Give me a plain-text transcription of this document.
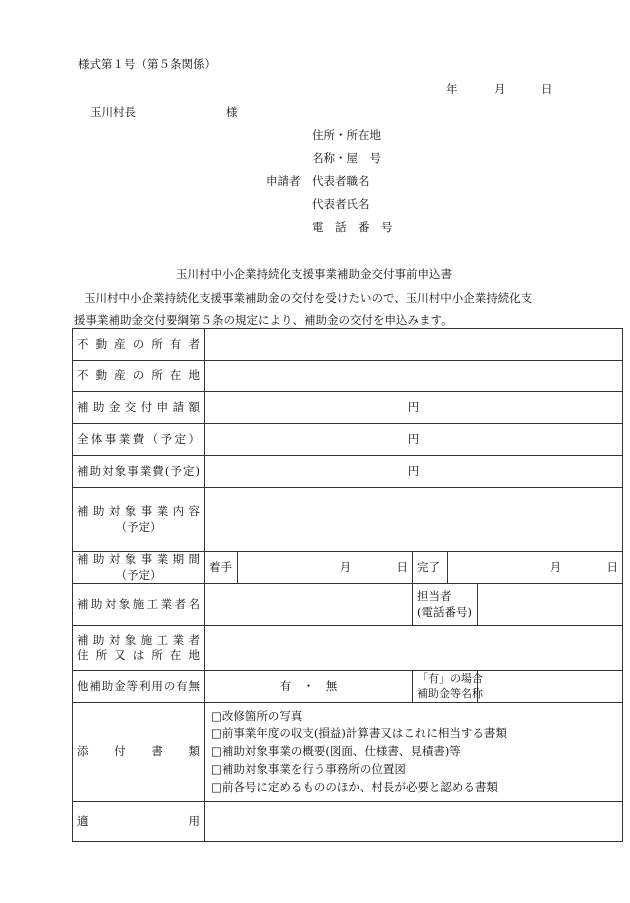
様式第１号（第５条関係）
年	月	日
玉川村長	様
申請者
住所・所在地
名称・屋　号
代表者職名
代表者氏名
電　話　番　号
玉川村中小企業持続化支援事業補助金交付事前申込書
玉川村中小企業持続化支援事業補助金の交付を受けたいので、玉川村中小企業持続化支
援事業補助金交付要綱第５条の規定により、補助金の交付を申込みます。
不動産の所有者					
不動産の所在地					
補助金交付申請額	円				
全体事業費（予定）	円				
補助対象事業費(予定)	円				

補助対象事業内容
（予定）					

補助対象事業期間
（予定）	着手	月 日	完了	月 日	
補助対象施工業者名			担当者
(電話番号)		

補助対象施工業者
住所又は所在地					

他補助金等利用の有無	有　・　無		「有」の場合
補助金等名称		

添　付　書　類	□改修箇所の写真
□前事業年度の収支(損益)計算書又はこれに相当する書類
□補助対象事業の概要(図面、仕様書、見積書)等
□補助対象事業を行う事務所の位置図
□前各号に定めるもののほか、村長が必要と認める書類				

適　　　　用					
